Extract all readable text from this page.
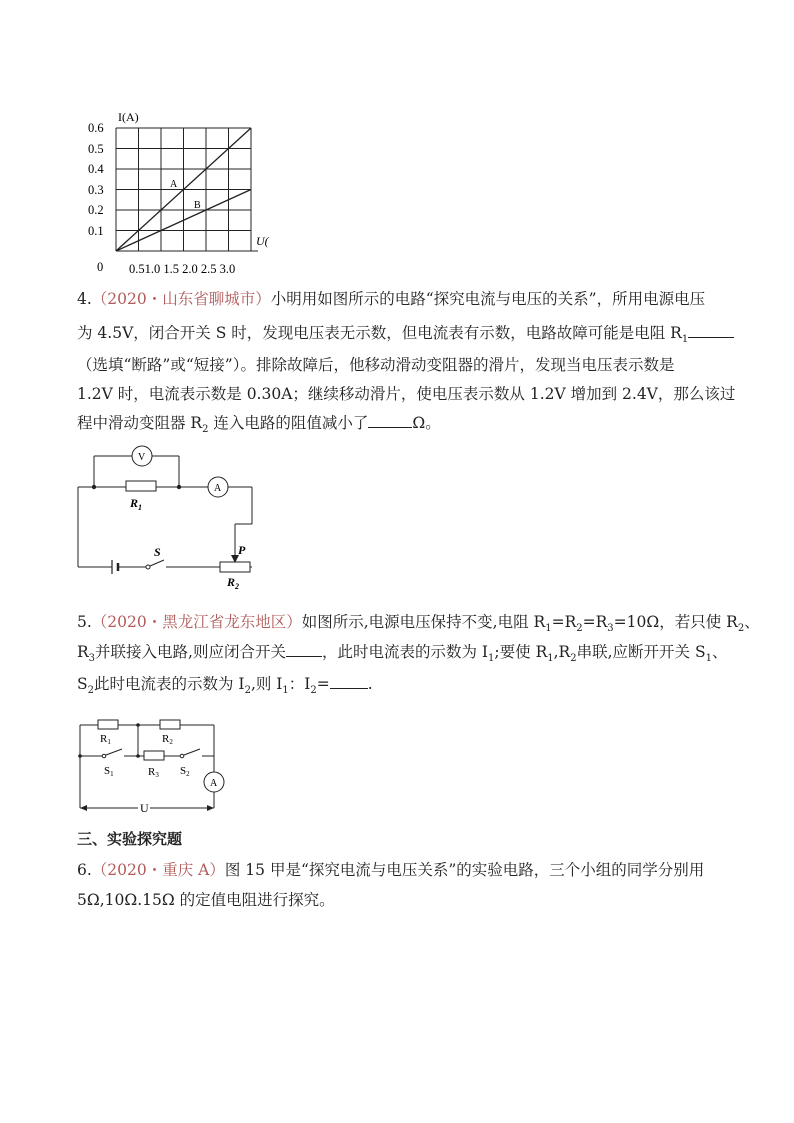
I(A)
U(
0.6
0.5
0.4
0.3
0.2
0.1
0 0.51.0 1.5 2.0 2.5 3.0
A
B
4.（2020・山东省聊城市）小明用如图所示的电路“探究电流与电压的关系”，所用电源电压
为 4.5V，闭合开关 S 时，发现电压表无示数，但电流表有示数，电路故障可能是电阻 $R_1$
（选填“断路”或“短接”）。排除故障后，他移动滑动变阻器的滑片，发现当电压表示数是
1.2V 时，电流表示数是 0.30A；继续移动滑片，使电压表示数从 1.2V 增加到 2.4V，那么该过
程中滑动变阻器 $R_2$ 连入电路的阻值减小了	Ω。
V
A
$R_1$
S	P
$R_2$
5.（2020・黑龙江省龙东地区）如图所示,电源电压保持不变,电阻 $R_1=R_2=R_3=10\Omega$，若只使 $R_2$、
$R_3$并联接入电路,则应闭合开关 ，此时电流表的示数为 $I_1$;要使 $R_1,R_2$串联,应断开开关 $S_1$、
$S_2$此时电流表的示数为 $I_2$,则 $I_1$：$I_2=$ .
R1	R2
R3
S1	S2
A
U
三、实验探究题
6.（2020・重庆 A）图 15 甲是“探究电流与电压关系”的实验电路，三个小组的同学分别用
5Ω,10Ω.15Ω 的定值电阻进行探究。
